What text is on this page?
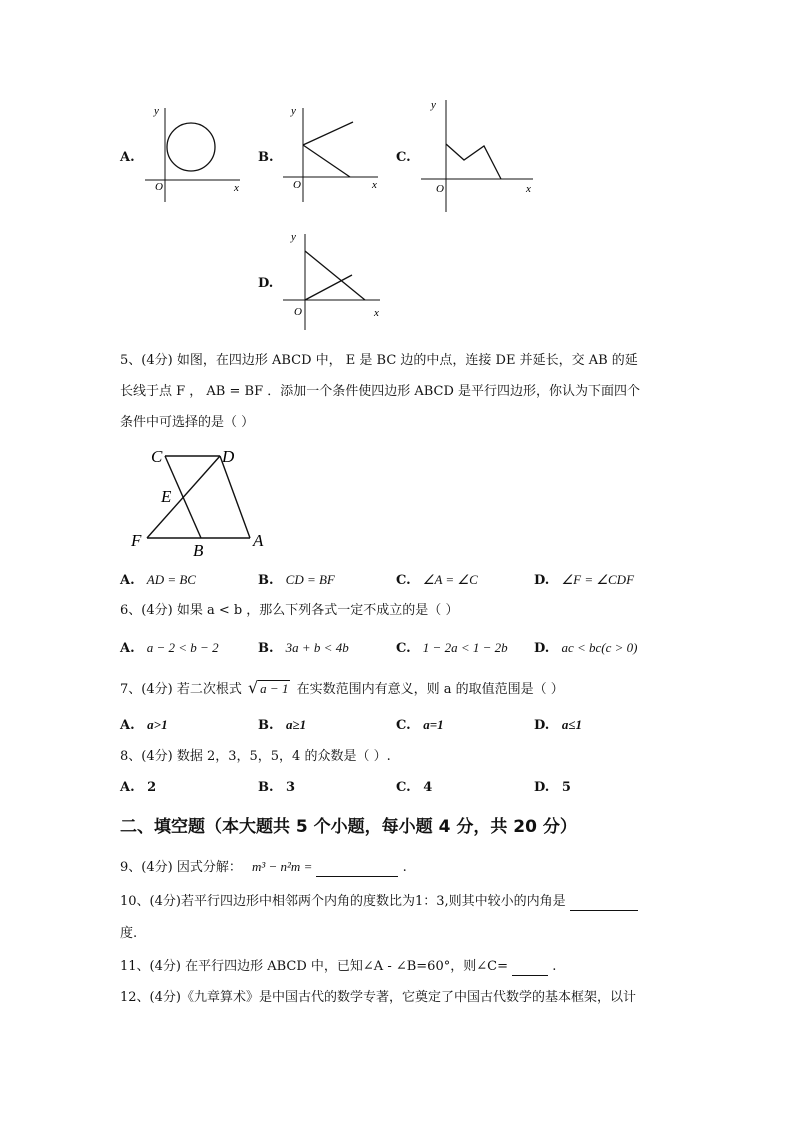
A.
y
x
O
B.
y
x
O
C.
y
x
O
D.
y
x
O
5、(4分) 如图，在四边形 ABCD 中， E 是 BC 边的中点，连接 DE 并延长，交 AB 的延
长线于点 F ， AB = BF ．添加一个条件使四边形 ABCD 是平行四边形，你认为下面四个
条件中可选择的是（ ）
C	D
E
F
B
A
A. AD = BC	B. CD = BF	C. ∠A = ∠C	D. ∠F = ∠CDF
6、(4分) 如果 a < b ，那么下列各式一定不成立的是（ ）
A. a − 2 < b − 2	B. 3a + b < 4b	C. 1 − 2a < 1 − 2b D. ac < bc(c > 0)
7、(4分) 若二次根式 √ a − 1 在实数范围内有意义，则 a 的取值范围是（ ）
A. a>1	B. a≥1	C. a=1	D. a≤1
8、(4分) 数据 2，3，5，5，4 的众数是（ ）.
A. 2	B. 3	C. 4	D. 5
二、填空题（本大题共 5 个小题，每小题 4 分，共 20 分）
9、(4分) 因式分解： m³ − n²m =	.
10、(4分)若平行四边形中相邻两个内角的度数比为1：3,则其中较小的内角是
度.
11、(4分) 在平行四边形 ABCD 中，已知∠A - ∠B=60°，则∠C=	.
12、(4分)《九章算术》是中国古代的数学专著，它奠定了中国古代数学的基本框架，以计
